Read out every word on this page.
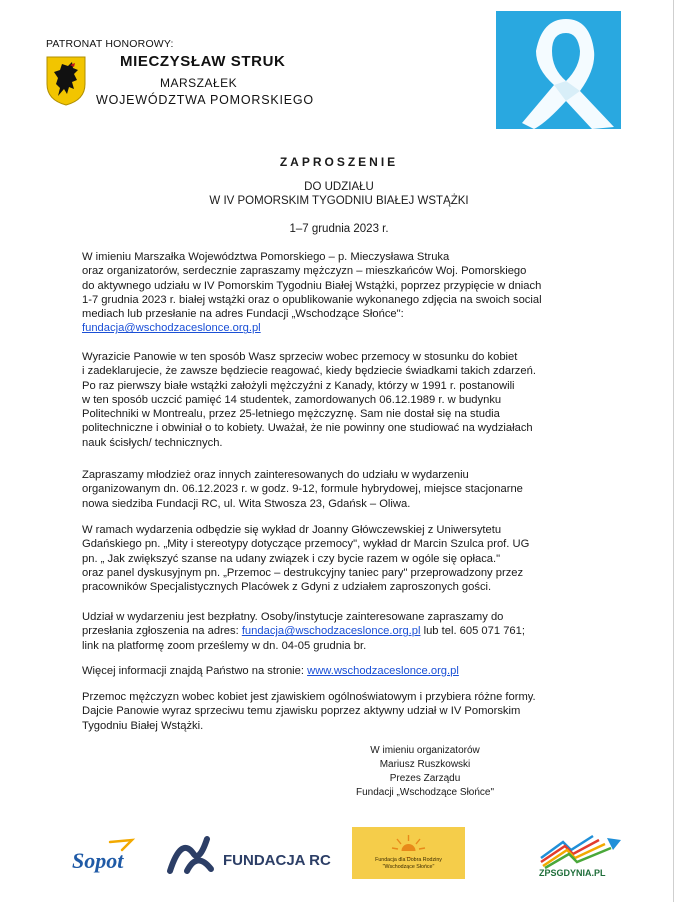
PATRONAT HONOROWY:
MIECZYSŁAW STRUK
MARSZAŁEK
WOJEWÓDZTWA POMORSKIEGO
ZAPROSZENIE
DO UDZIAŁU
W IV POMORSKIM TYGODNIU BIAŁEJ WSTĄŻKI
1–7 grudnia 2023 r.
W imieniu Marszałka Województwa Pomorskiego – p. Mieczysława Struka
oraz organizatorów, serdecznie zapraszamy mężczyzn – mieszkańców Woj. Pomorskiego
do aktywnego udziału w IV Pomorskim Tygodniu Białej Wstążki, poprzez przypięcie w dniach
1-7 grudnia 2023 r. białej wstążki oraz o opublikowanie wykonanego zdjęcia na swoich social
mediach lub przesłanie na adres Fundacji „Wschodzące Słońce":
fundacja@wschodzaceslonce.org.pl
Wyrazicie Panowie w ten sposób Wasz sprzeciw wobec przemocy w stosunku do kobiet
i zadeklarujecie, że zawsze będziecie reagować, kiedy będziecie świadkami takich zdarzeń.
Po raz pierwszy białe wstążki założyli mężczyźni z Kanady, którzy w 1991 r. postanowili
w ten sposób uczcić pamięć 14 studentek, zamordowanych 06.12.1989 r. w budynku
Politechniki w Montrealu, przez 25-letniego mężczyznę. Sam nie dostał się na studia
politechniczne i obwiniał o to kobiety. Uważał, że nie powinny one studiować na wydziałach
nauk ścisłych/ technicznych.
Zapraszamy młodzież oraz innych zainteresowanych do udziału w wydarzeniu
organizowanym dn. 06.12.2023 r. w godz. 9-12, formule hybrydowej, miejsce stacjonarne
nowa siedziba Fundacji RC, ul. Wita Stwosza 23, Gdańsk – Oliwa.
W ramach wydarzenia odbędzie się wykład dr Joanny Główczewskiej z Uniwersytetu
Gdańskiego pn. „Mity i stereotypy dotyczące przemocy", wykład dr Marcin Szulca prof. UG
pn. „ Jak zwiększyć szanse na udany związek i czy bycie razem w ogóle się opłaca."
oraz panel dyskusyjnym pn. „Przemoc – destrukcyjny taniec pary" przeprowadzony przez
pracowników Specjalistycznych Placówek z Gdyni z udziałem zaproszonych gości.
Udział w wydarzeniu jest bezpłatny. Osoby/instytucje zainteresowane zapraszamy do
przesłania zgłoszenia na adres: fundacja@wschodzaceslonce.org.pl lub tel. 605 071 761;
link na platformę zoom prześlemy w dn. 04-05 grudnia br.
Więcej informacji znajdą Państwo na stronie: www.wschodzaceslonce.org.pl
Przemoc mężczyzn wobec kobiet jest zjawiskiem ogólnoświatowym i przybiera różne formy.
Dajcie Panowie wyraz sprzeciwu temu zjawisku poprzez aktywny udział w IV Pomorskim
Tygodniu Białej Wstążki.
W imieniu organizatorów
Mariusz Ruszkowski
Prezes Zarządu
Fundacji „Wschodzące Słońce"
Sopot	FUNDACJA RC	Fundacja dla Dobra Rodziny
"Wschodzące Słońce"
ZPSGDYNIA.PL
